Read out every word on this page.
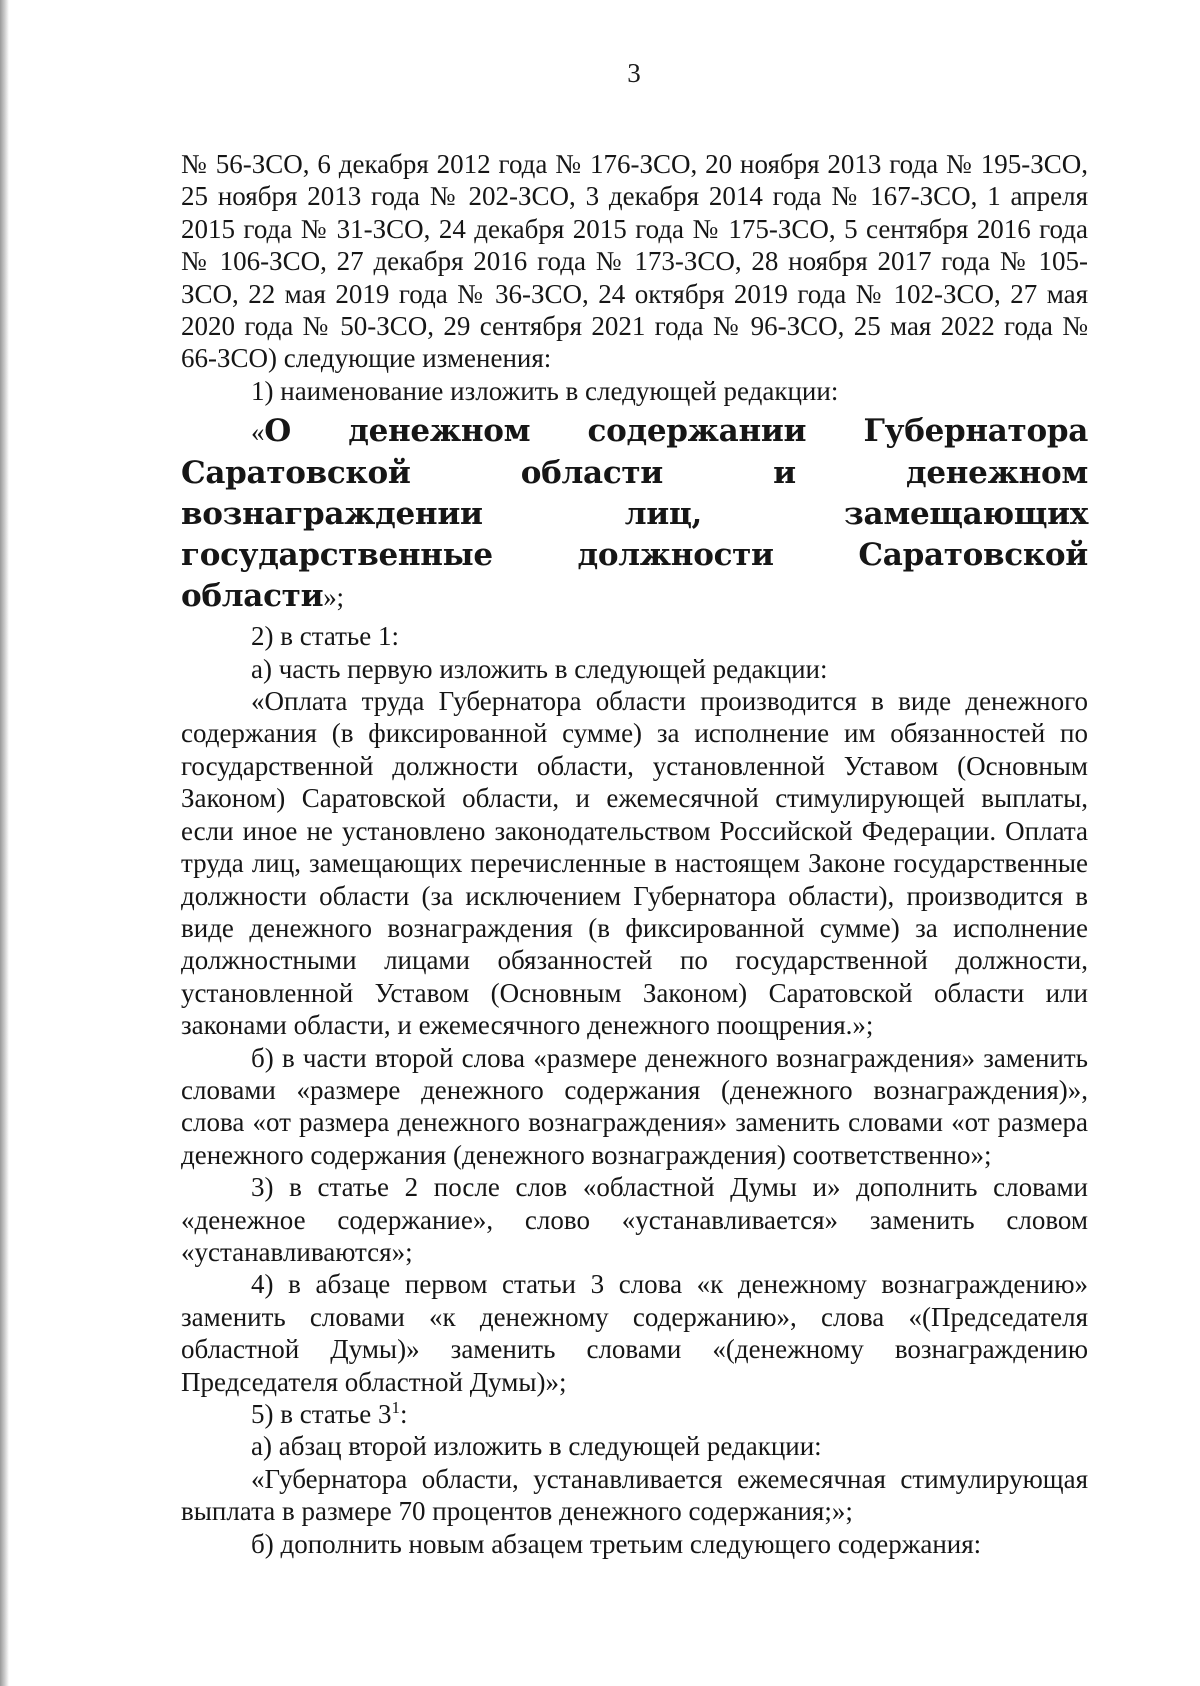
3

№ 56-ЗСО, 6 декабря 2012 года № 176-ЗСО, 20 ноября 2013 года № 195-ЗСО, 25 ноября 2013 года № 202-ЗСО, 3 декабря 2014 года № 167-ЗСО, 1 апреля 2015 года № 31-ЗСО, 24 декабря 2015 года № 175-ЗСО, 5 сентября 2016 года № 106-ЗСО, 27 декабря 2016 года № 173-ЗСО, 28 ноября 2017 года № 105-ЗСО, 22 мая 2019 года № 36-ЗСО, 24 октября 2019 года № 102-ЗСО, 27 мая 2020 года № 50-ЗСО, 29 сентября 2021 года № 96-ЗСО, 25 мая 2022 года № 66-ЗСО) следующие изменения:

1) наименование изложить в следующей редакции:

«О денежном содержании Губернатора Саратовской области и денежном вознаграждении лиц, замещающих государственные должности Саратовской области»;

2) в статье 1:

а) часть первую изложить в следующей редакции:

«Оплата труда Губернатора области производится в виде денежного содержания (в фиксированной сумме) за исполнение им обязанностей по государственной должности области, установленной Уставом (Основным Законом) Саратовской области, и ежемесячной стимулирующей выплаты, если иное не установлено законодательством Российской Федерации. Оплата труда лиц, замещающих перечисленные в настоящем Законе государственные должности области (за исключением Губернатора области), производится в виде денежного вознаграждения (в фиксированной сумме) за исполнение должностными лицами обязанностей по государственной должности, установленной Уставом (Основным Законом) Саратовской области или законами области, и ежемесячного денежного поощрения.»;

б) в части второй слова «размере денежного вознаграждения» заменить словами «размере денежного содержания (денежного вознаграждения)», слова «от размера денежного вознаграждения» заменить словами «от размера денежного содержания (денежного вознаграждения) соответственно»;

3) в статье 2 после слов «областной Думы и» дополнить словами «денежное содержание», слово «устанавливается» заменить словом «устанавливаются»;

4) в абзаце первом статьи 3 слова «к денежному вознаграждению» заменить словами «к денежному содержанию», слова «(Председателя областной Думы)» заменить словами «(денежному вознаграждению Председателя областной Думы)»;

5) в статье $3^1$:

а) абзац второй изложить в следующей редакции:

«Губернатора области, устанавливается ежемесячная стимулирующая выплата в размере 70 процентов денежного содержания;»;

б) дополнить новым абзацем третьим следующего содержания:
